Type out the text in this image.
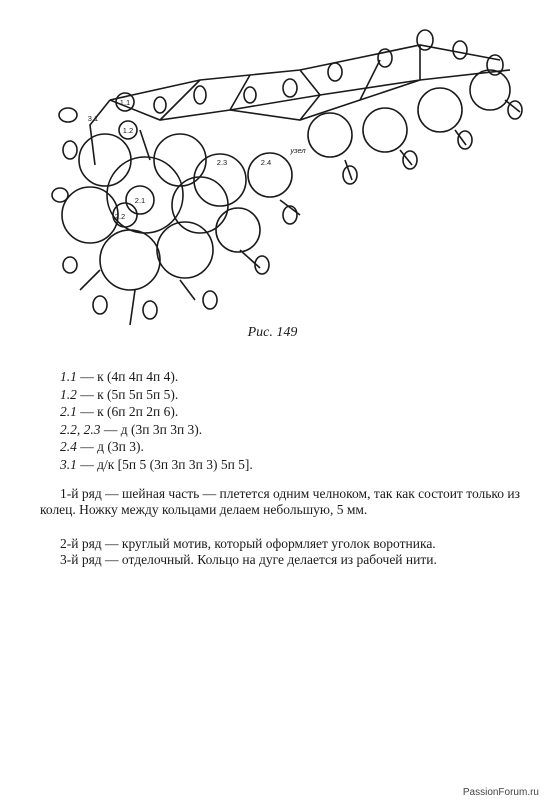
1.1
1.2
3.1
2.1
2.2
2.3	2.4
узел
Рис. 149
1.1 — к (4п 4п 4п 4).
1.2 — к (5п 5п 5п 5).
2.1 — к (6п 2п 2п 6).
2.2, 2.3 — д (3п 3п 3п 3).
2.4 — д (3п 3).
3.1 — д/к [5п 5 (3п 3п 3п 3) 5п 5].
1-й ряд — шейная часть — плетется одним челноком, так как состоит только из колец. Ножку между кольцами делаем небольшую, 5 мм.
2-й ряд — круглый мотив, который оформляет уголок воротника.
3-й ряд — отделочный. Кольцо на дуге делается из рабочей нити.
PassionForum.ru
